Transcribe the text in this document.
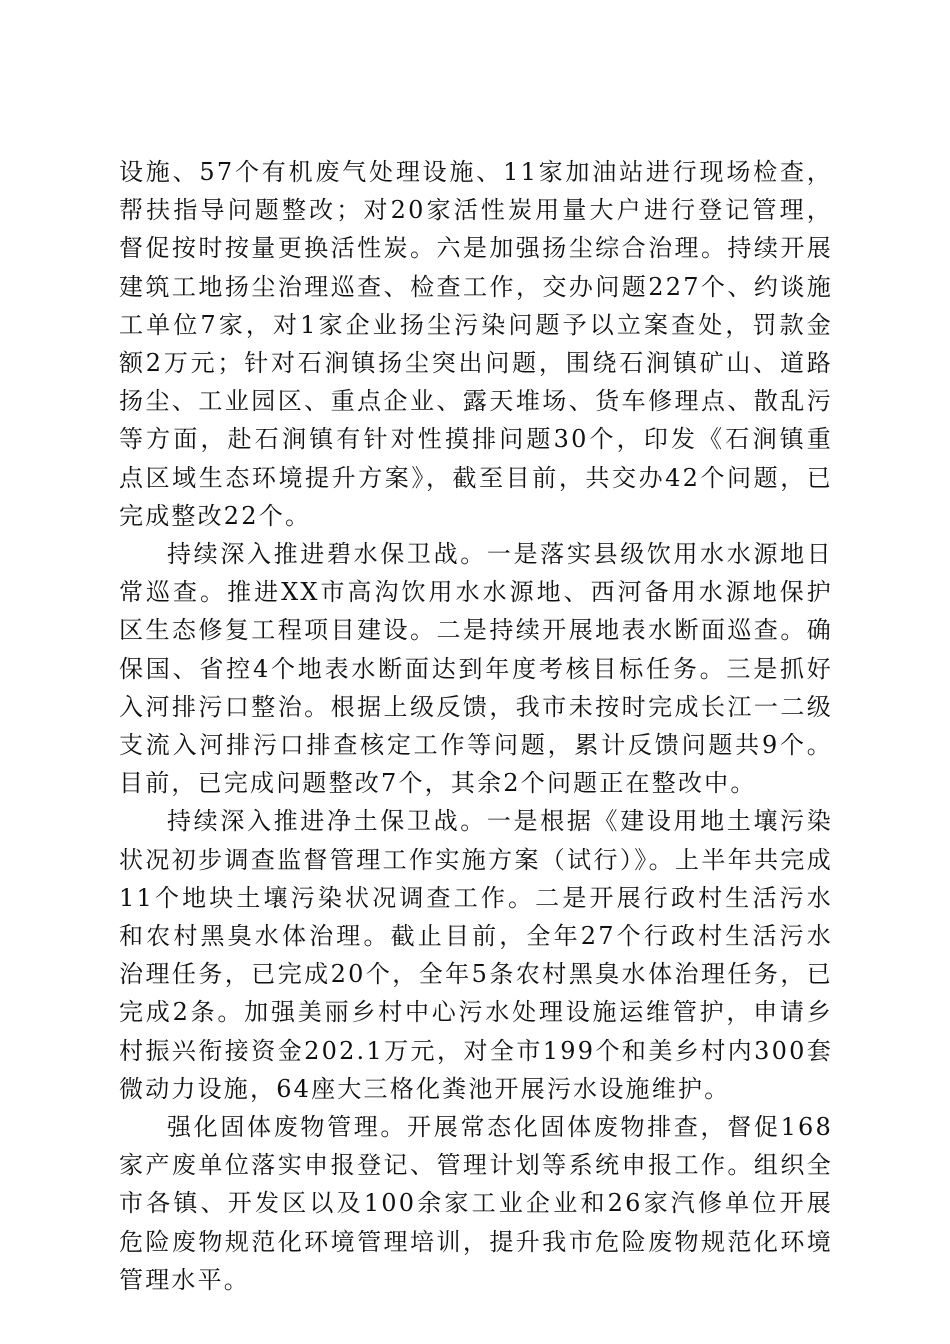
设施、57个有机废气处理设施、11家加油站进行现场检查，帮扶指导问题整改；对20家活性炭用量大户进行登记管理，督促按时按量更换活性炭。六是加强扬尘综合治理。持续开展建筑工地扬尘治理巡查、检查工作，交办问题227个、约谈施工单位7家，对1家企业扬尘污染问题予以立案查处，罚款金额2万元；针对石涧镇扬尘突出问题，围绕石涧镇矿山、道路扬尘、工业园区、重点企业、露天堆场、货车修理点、散乱污等方面，赴石涧镇有针对性摸排问题30个，印发《石涧镇重点区域生态环境提升方案》，截至目前，共交办42个问题，已完成整改22个。

持续深入推进碧水保卫战。一是落实县级饮用水水源地日常巡查。推进XX市高沟饮用水水源地、西河备用水源地保护区生态修复工程项目建设。二是持续开展地表水断面巡查。确保国、省控4个地表水断面达到年度考核目标任务。三是抓好入河排污口整治。根据上级反馈，我市未按时完成长江一二级支流入河排污口排查核定工作等问题，累计反馈问题共9个。目前，已完成问题整改7个，其余2个问题正在整改中。

持续深入推进净土保卫战。一是根据《建设用地土壤污染状况初步调查监督管理工作实施方案（试行）》。上半年共完成11个地块土壤污染状况调查工作。二是开展行政村生活污水和农村黑臭水体治理。截止目前，全年27个行政村生活污水治理任务，已完成20个，全年5条农村黑臭水体治理任务，已完成2条。加强美丽乡村中心污水处理设施运维管护，申请乡村振兴衔接资金202.1万元，对全市199个和美乡村内300套微动力设施，64座大三格化粪池开展污水设施维护。

强化固体废物管理。开展常态化固体废物排查，督促168家产废单位落实申报登记、管理计划等系统申报工作。组织全市各镇、开发区以及100余家工业企业和26家汽修单位开展危险废物规范化环境管理培训，提升我市危险废物规范化环境管理水平。
